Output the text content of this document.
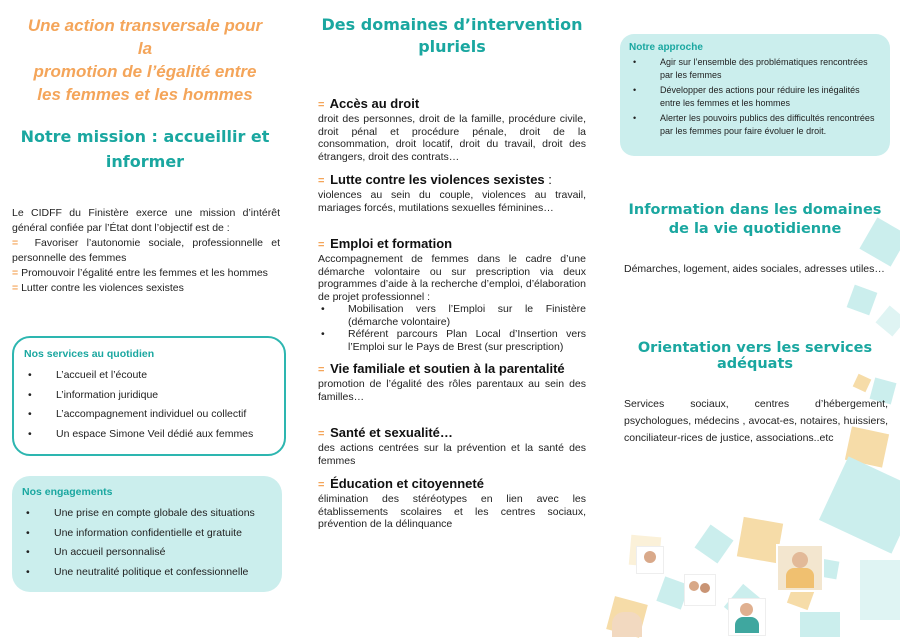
Une action transversale pour la
promotion de l’égalité entre
les femmes et les hommes
Notre mission : accueillir et
informer
Le CIDFF du Finistère exerce une mission d’intérêt général confiée par l’État dont l’objectif est de :
= Favoriser l’autonomie sociale, professionnelle et personnelle des femmes
= Promouvoir l’égalité entre les femmes et les hommes
= Lutter contre les violences sexistes
Nos services au quotidien
• L’accueil et l’écoute
• L’information juridique
• L’accompagnement individuel ou collectif
• Un espace Simone Veil dédié aux femmes
Nos engagements
• Une prise en compte globale des situations
• Une information confidentielle et gratuite
• Un accueil personnalisé
• Une neutralité politique et confessionnelle
Des domaines d’intervention
pluriels
= Accès au droit
droit des personnes, droit de la famille, procédure civile, droit pénal et procédure pénale, droit de la consommation, droit locatif, droit du travail, droit des étrangers, droit des contrats…
= Lutte contre les violences sexistes :
violences au sein du couple, violences au travail, mariages forcés, mutilations sexuelles féminines…
= Emploi et formation
Accompagnement de femmes dans le cadre d’une démarche volontaire ou sur prescription via deux programmes d’aide à la recherche d’emploi, d’élaboration de projet professionnel :
• Mobilisation vers l’Emploi sur le Finistère (démarche volontaire)
• Référent parcours Plan Local d’Insertion vers l’Emploi sur le Pays de Brest (sur prescription)
= Vie familiale et soutien à la parentalité
promotion de l’égalité des rôles parentaux au sein des familles…
= Santé et sexualité…
des actions centrées sur la prévention et la santé des femmes
= Éducation et citoyenneté
élimination des stéréotypes en lien avec les établissements scolaires et les centres sociaux, prévention de la délinquance
Notre approche
• Agir sur l’ensemble des problématiques rencontrées par les femmes
• Développer des actions pour réduire les inégalités entre les femmes et les hommes
• Alerter les pouvoirs publics des difficultés rencontrées par les femmes pour faire évoluer le droit.
Information dans les domaines
de la vie quotidienne
Démarches, logement, aides sociales, adresses utiles…
Orientation vers les services
adéquats
Services sociaux, centres d’hébergement, psychologues, médecins , avocat-es, notaires, huissiers, conciliateur-rices de justice, associations..etc
